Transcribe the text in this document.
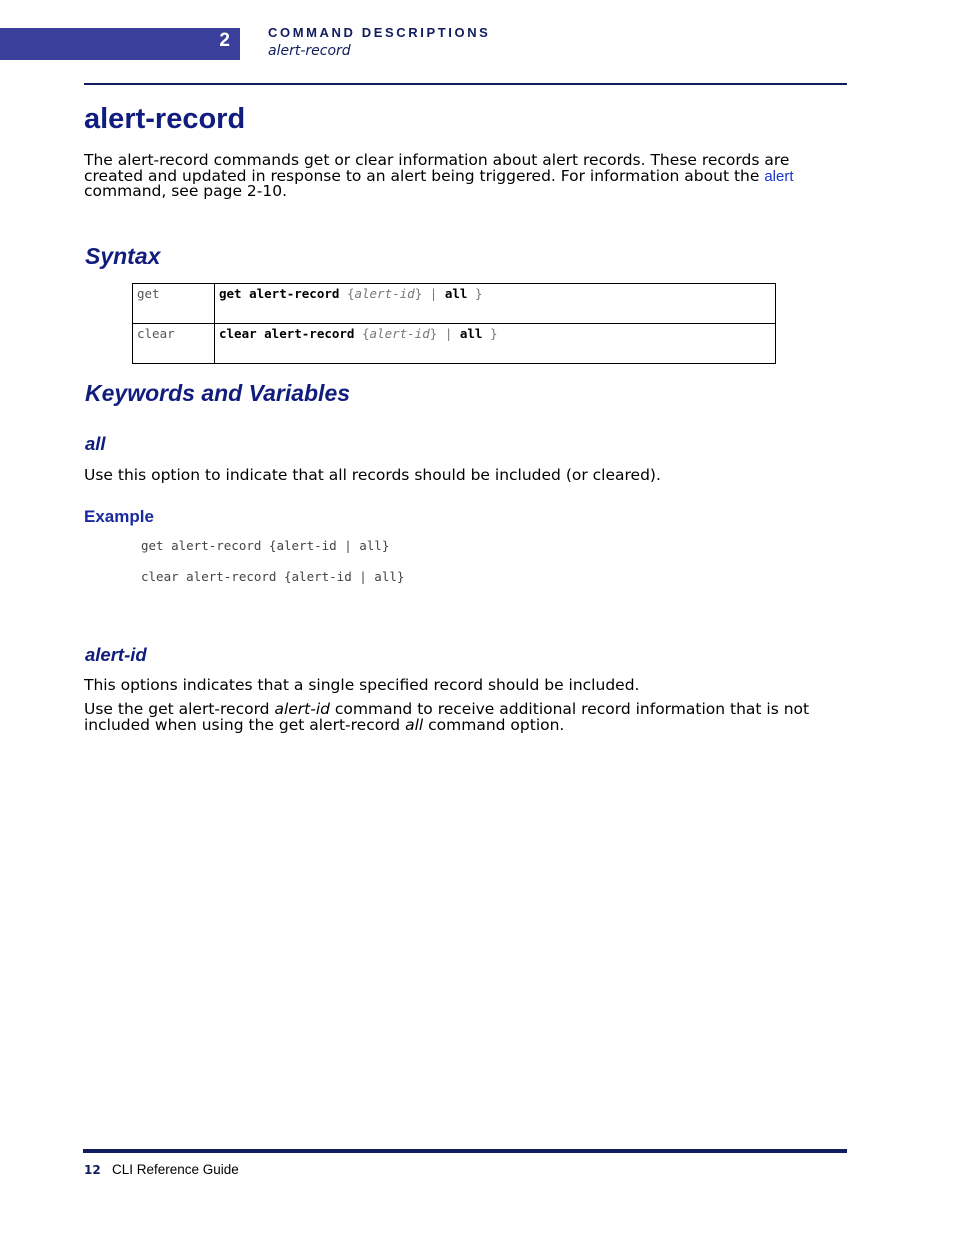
2	COMMAND DESCRIPTIONS
alert-record
alert-record

The alert-record commands get or clear information about alert records. These records are created and updated in response to an alert being triggered. For information about the alert command, see page 2-10.

Syntax
get	get alert-record {alert-id} | all }
clear	clear alert-record {alert-id} | all }
Keywords and Variables
all

Use this option to indicate that all records should be included (or cleared).

Example
get alert-record {alert-id | all}
clear alert-record {alert-id | all}
alert-id

This options indicates that a single specified record should be included.

Use the get alert-record alert-id command to receive additional record information that is not included when using the get alert-record all command option.

12 CLI Reference Guide
